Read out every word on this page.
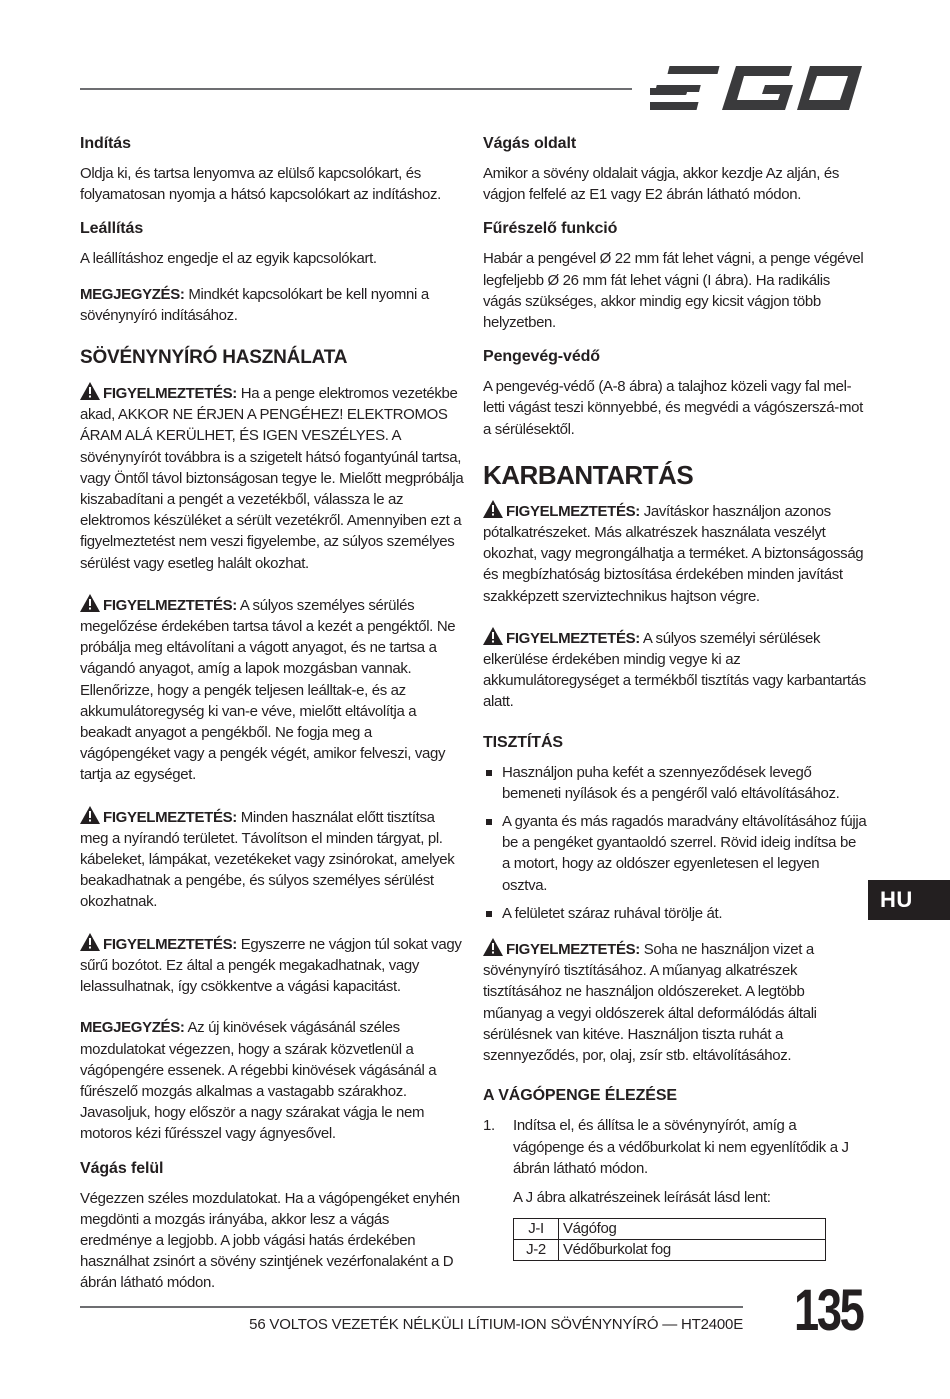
Indítás

Oldja ki, és tartsa lenyomva az elülső kapcsolókart, és folyamatosan nyomja a hátsó kapcsolókart az indításhoz.

Leállítás

A leállításhoz engedje el az egyik kapcsolókart.

MEGJEGYZÉS: Mindkét kapcsolókart be kell nyomni a sövénynyíró indításához.

SÖVÉNYNYÍRÓ HASZNÁLATA

FIGYELMEZTETÉS: Ha a penge elektromos vezetékbe akad, AKKOR NE ÉRJEN A PENGÉHEZ! ELEKTROMOS ÁRAM ALÁ KERÜLHET, ÉS IGEN VESZÉLYES. A sövénynyírót továbbra is a szigetelt hátsó fogantyúnál tartsa, vagy Öntől távol biztonságosan tegye le. Mielőtt megpróbálja kiszabadítani a pengét a vezetékből, válassza le az elektromos készüléket a sérült vezetékről. Amennyiben ezt a figyelmeztetést nem veszi figyelembe, az súlyos személyes sérülést vagy esetleg halált okozhat.

FIGYELMEZTETÉS: A súlyos személyes sérülés megelőzése érdekében tartsa távol a kezét a pengéktől. Ne próbálja meg eltávolítani a vágott anyagot, és ne tartsa a vágandó anyagot, amíg a lapok mozgásban vannak. Ellenőrizze, hogy a pengék teljesen leálltak-e, és az akkumulátoregység ki van-e véve, mielőtt eltávolítja a beakadt anyagot a pengékből. Ne fogja meg a vágópengéket vagy a pengék végét, amikor felveszi, vagy tartja az egységet.

FIGYELMEZTETÉS: Minden használat előtt tisztítsa meg a nyírandó területet. Távolítson el minden tárgyat, pl. kábeleket, lámpákat, vezetékeket vagy zsinórokat, amelyek beakadhatnak a pengébe, és súlyos személyes sérülést okozhatnak.

FIGYELMEZTETÉS: Egyszerre ne vágjon túl sokat vagy sűrű bozótot. Ez által a pengék megakadhatnak, vagy lelassulhatnak, így csökkentve a vágási kapacitást.

MEGJEGYZÉS: Az új kinövések vágásánál széles mozdulatokat végezzen, hogy a szárak közvetlenül a vágópengére essenek. A régebbi kinövések vágásánál a fűrészelő mozgás alkalmas a vastagabb szárakhoz. Javasoljuk, hogy először a nagy szárakat vágja le nem motoros kézi fűrésszel vagy ágnyesővel.

Vágás felül

Végezzen széles mozdulatokat. Ha a vágópengéket enyhén megdönti a mozgás irányába, akkor lesz a vágás eredménye a legjobb. A jobb vágási hatás érdekében használhat zsinórt a sövény szintjének vezérfonalaként a D ábrán látható módon.

Vágás oldalt

Amikor a sövény oldalait vágja, akkor kezdje Az alján, és vágjon felfelé az E1 vagy E2 ábrán látható módon.

Fűrészelő funkció

Habár a pengével Ø 22 mm fát lehet vágni, a penge végével legfeljebb Ø 26 mm fát lehet vágni (I ábra). Ha radikális vágás szükséges, akkor mindig egy kicsit vágjon több helyzetben.

Pengevég-védő

A pengevég-védő (A-8 ábra) a talajhoz közeli vagy fal mel-letti vágást teszi könnyebbé, és megvédi a vágószerszá-mot a sérülésektől.

KARBANTARTÁS

FIGYELMEZTETÉS: Javításkor használjon azonos pótalkatrészeket. Más alkatrészek használata veszélyt okozhat, vagy megrongálhatja a terméket. A biztonságosság és megbízhatóság biztosítása érdekében minden javítást szakképzett szerviztechnikus hajtson végre.

FIGYELMEZTETÉS: A súlyos személyi sérülések elkerülése érdekében mindig vegye ki az akkumulátoregységet a termékből tisztítás vagy karbantartás alatt.

TISZTÍTÁS
Használjon puha kefét a szennyeződések levegő bemeneti nyílások és a pengéről való eltávolításához.
A gyanta és más ragadós maradvány eltávolításához fújja be a pengéket gyantaoldó szerrel. Rövid ideig indítsa be a motort, hogy az oldószer egyenletesen el legyen osztva.
A felületet száraz ruhával törölje át.

FIGYELMEZTETÉS: Soha ne használjon vizet a sövénynyíró tisztításához. A műanyag alkatrészek tisztításához ne használjon oldószereket. A legtöbb műanyag a vegyi oldószerek által deformálódás általi sérülésnek van kitéve. Használjon tiszta ruhát a szennyeződés, por, olaj, zsír stb. eltávolításához.

A VÁGÓPENGE ÉLEZÉSE
1. Indítsa el, és állítsa le a sövénynyírót, amíg a vágópenge és a védőburkolat ki nem egyenlítődik a J ábrán látható módon.
A J ábra alkatrészeinek leírását lásd lent:
J-I	Vágófog
J-2	Védőburkolat fog
HU
56 VOLTOS VEZETÉK NÉLKÜLI LÍTIUM-ION SÖVÉNYNYÍRÓ — HT2400E 135
